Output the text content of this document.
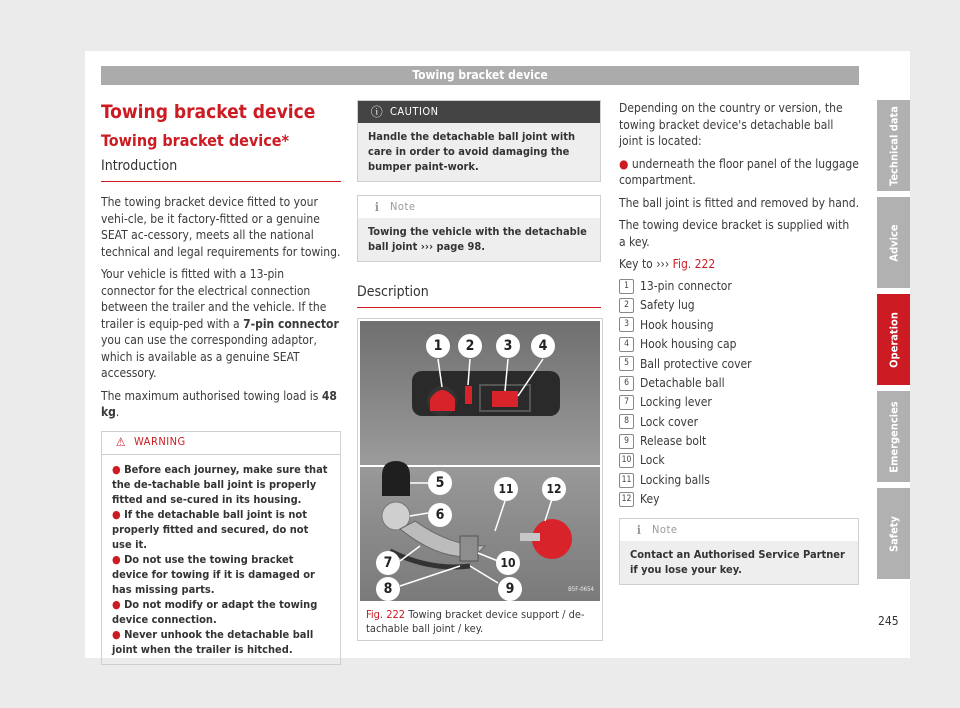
Towing bracket device
Towing bracket device
Towing bracket device*
Introduction

The towing bracket device fitted to your vehi-cle, be it factory-fitted or a genuine SEAT ac-cessory, meets all the national technical and legal requirements for towing.

Your vehicle is fitted with a 13-pin connector for the electrical connection between the trailer and the vehicle. If the trailer is equip-ped with a 7-pin connector you can use the corresponding adaptor, which is available as a genuine SEAT accessory.

The maximum authorised towing load is 48 kg.

⚠ WARNING

● Before each journey, make sure that the de-tachable ball joint is properly fitted and se-cured in its housing.

● If the detachable ball joint is not properly fitted and secured, do not use it.

● Do not use the towing bracket device for towing if it is damaged or has missing parts.

● Do not modify or adapt the towing device connection.

● Never unhook the detachable ball joint when the trailer is hitched.

ⓘ CAUTION

Handle the detachable ball joint with care in order to avoid damaging the bumper paint-work.

ℹ Note

Towing the vehicle with the detachable ball joint ››› page 98.

Description
1	2	3	4
5
6
7
8	9
10
11	12
B5F-0654
Fig. 222 Towing bracket device support / de-tachable ball joint / key.

Depending on the country or version, the towing bracket device's detachable ball joint is located:

● underneath the floor panel of the luggage compartment.

The ball joint is fitted and removed by hand.

The towing device bracket is supplied with a key.

Key to ››› Fig. 222

1 13-pin connector
2 Safety lug
3 Hook housing
4 Hook housing cap
5 Ball protective cover
6 Detachable ball
7 Locking lever
8 Lock cover
9 Release bolt
10 Lock
11 Locking balls
12 Key
ℹ Note

Contact an Authorised Service Partner if you lose your key.

Technical data
Advice
Operation
Emergencies
Safety
245
